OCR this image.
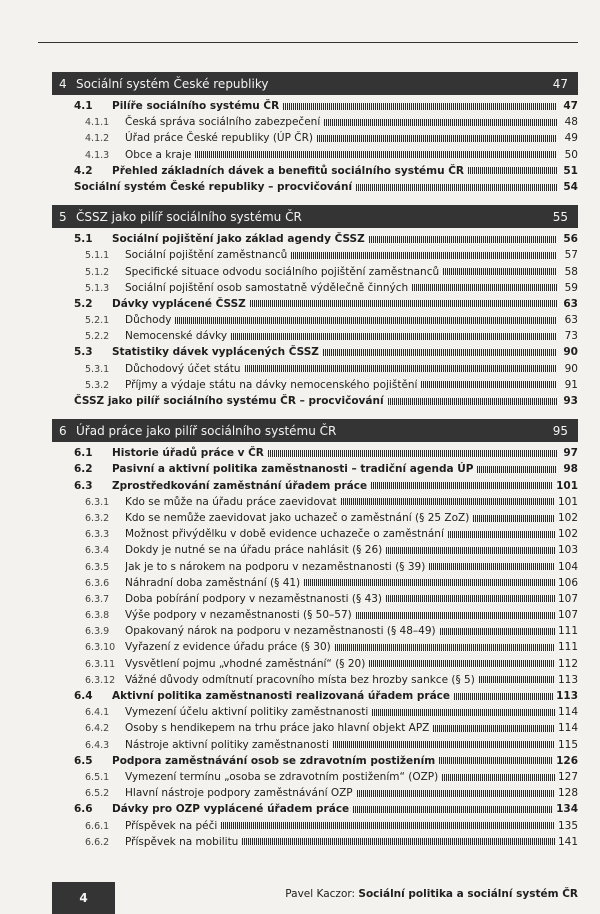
4 Sociální systém České republiky	47
4.1	Pilíře sociálního systému ČR	47
4.1.1	Česká správa sociálního zabezpečení	48
4.1.2	Úřad práce České republiky (ÚP ČR)	49
4.1.3	Obce a kraje	50
4.2	Přehled základních dávek a benefitů sociálního systému ČR	51
Sociální systém České republiky – procvičování	54
5 ČSSZ jako pilíř sociálního systému ČR	55
5.1	Sociální pojištění jako základ agendy ČSSZ	56
5.1.1	Sociální pojištění zaměstnanců	57
5.1.2	Specifické situace odvodu sociálního pojištění zaměstnanců	58
5.1.3	Sociální pojištění osob samostatně výdělečně činných	59
5.2	Dávky vyplácené ČSSZ	63
5.2.1	Důchody	63
5.2.2	Nemocenské dávky	73
5.3	Statistiky dávek vyplácených ČSSZ	90
5.3.1	Důchodový účet státu	90
5.3.2	Příjmy a výdaje státu na dávky nemocenského pojištění	91
ČSSZ jako pilíř sociálního systému ČR – procvičování	93
6 Úřad práce jako pilíř sociálního systému ČR	95
6.1	Historie úřadů práce v ČR	97
6.2	Pasivní a aktivní politika zaměstnanosti – tradiční agenda ÚP	98
6.3	Zprostředkování zaměstnání úřadem práce	101
6.3.1	Kdo se může na úřadu práce zaevidovat	101
6.3.2	Kdo se nemůže zaevidovat jako uchazeč o zaměstnání (§ 25 ZoZ)	102
6.3.3	Možnost přivýdělku v době evidence uchazeče o zaměstnání	102
6.3.4	Dokdy je nutné se na úřadu práce nahlásit (§ 26)	103
6.3.5	Jak je to s nárokem na podporu v nezaměstnanosti (§ 39)	104
6.3.6	Náhradní doba zaměstnání (§ 41)	106
6.3.7	Doba pobírání podpory v nezaměstnanosti (§ 43)	107
6.3.8	Výše podpory v nezaměstnanosti (§ 50–57)	107
6.3.9	Opakovaný nárok na podporu v nezaměstnanosti (§ 48–49)	111
6.3.10 Vyřazení z evidence úřadu práce (§ 30)	111
6.3.11 Vysvětlení pojmu „vhodné zaměstnání“ (§ 20)	112
6.3.12 Vážné důvody odmítnutí pracovního místa bez hrozby sankce (§ 5)	113
6.4	Aktivní politika zaměstnanosti realizovaná úřadem práce	113
6.4.1	Vymezení účelu aktivní politiky zaměstnanosti	114
6.4.2	Osoby s hendikepem na trhu práce jako hlavní objekt APZ	114
6.4.3	Nástroje aktivní politiky zaměstnanosti	115
6.5	Podpora zaměstnávání osob se zdravotním postižením	126
6.5.1	Vymezení termínu „osoba se zdravotním postižením“ (OZP)	127
6.5.2	Hlavní nástroje podpory zaměstnávání OZP	128
6.6	Dávky pro OZP vyplácené úřadem práce	134
6.6.1	Příspěvek na péči	135
6.6.2	Příspěvek na mobilitu	141
4	Pavel Kaczor: Sociální politika a sociální systém ČR
